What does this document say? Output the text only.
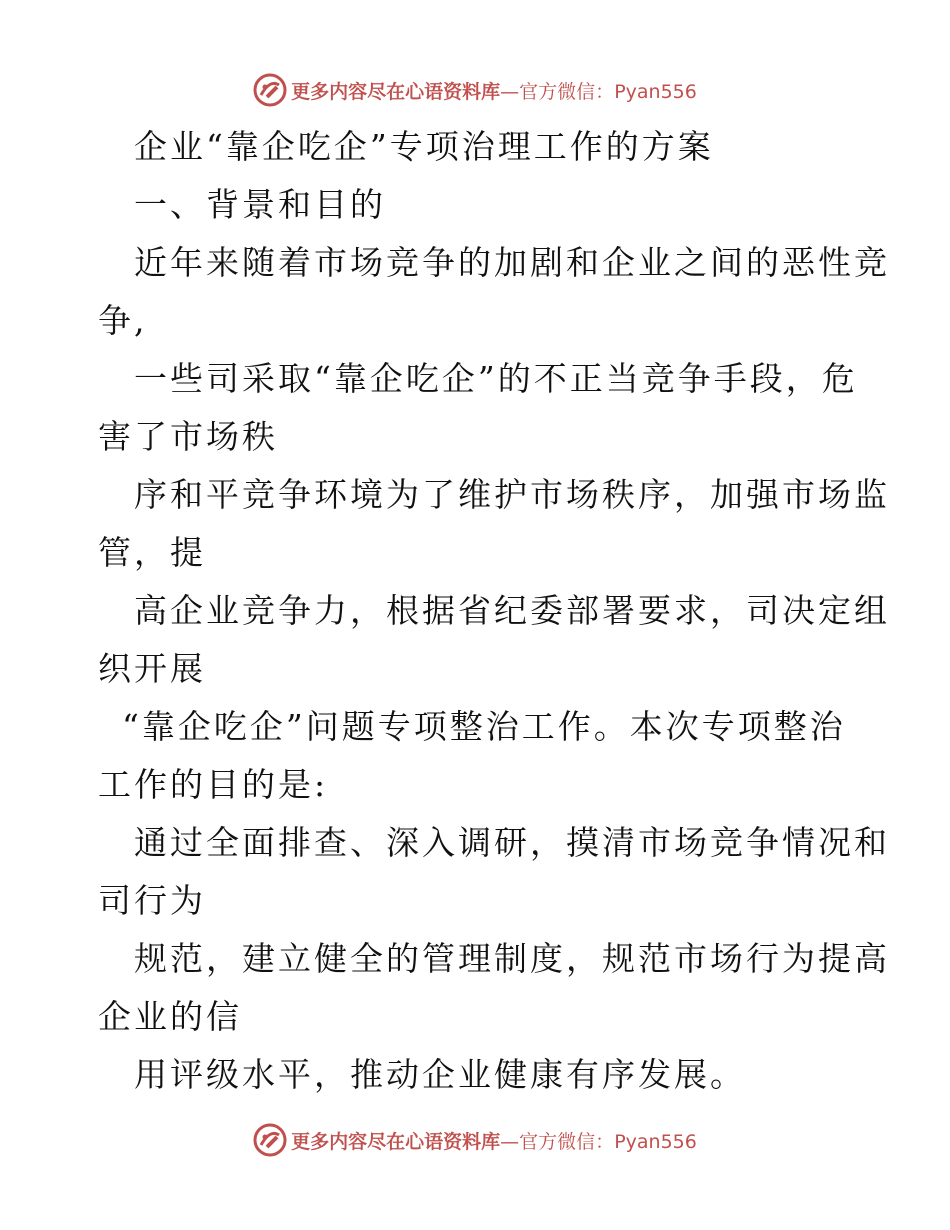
更多内容尽在心语资料库—官方微信：Pyan556
企业“靠企吃企”专项治理工作的方案
一、背景和目的
近年来随着市场竞争的加剧和企业之间的恶性竞
争,
一些司采取“靠企吃企”的不正当竞争手段，危
害了市场秩
序和平竞争环境为了维护市场秩序，加强市场监
管，提
高企业竞争力，根据省纪委部署要求，司决定组
织开展
“靠企吃企”问题专项整治工作。本次专项整治
工作的目的是:
通过全面排查、深入调研，摸清市场竞争情况和
司行为
规范，建立健全的管理制度，规范市场行为提高
企业的信
用评级水平，推动企业健康有序发展。
更多内容尽在心语资料库—官方微信：Pyan556
